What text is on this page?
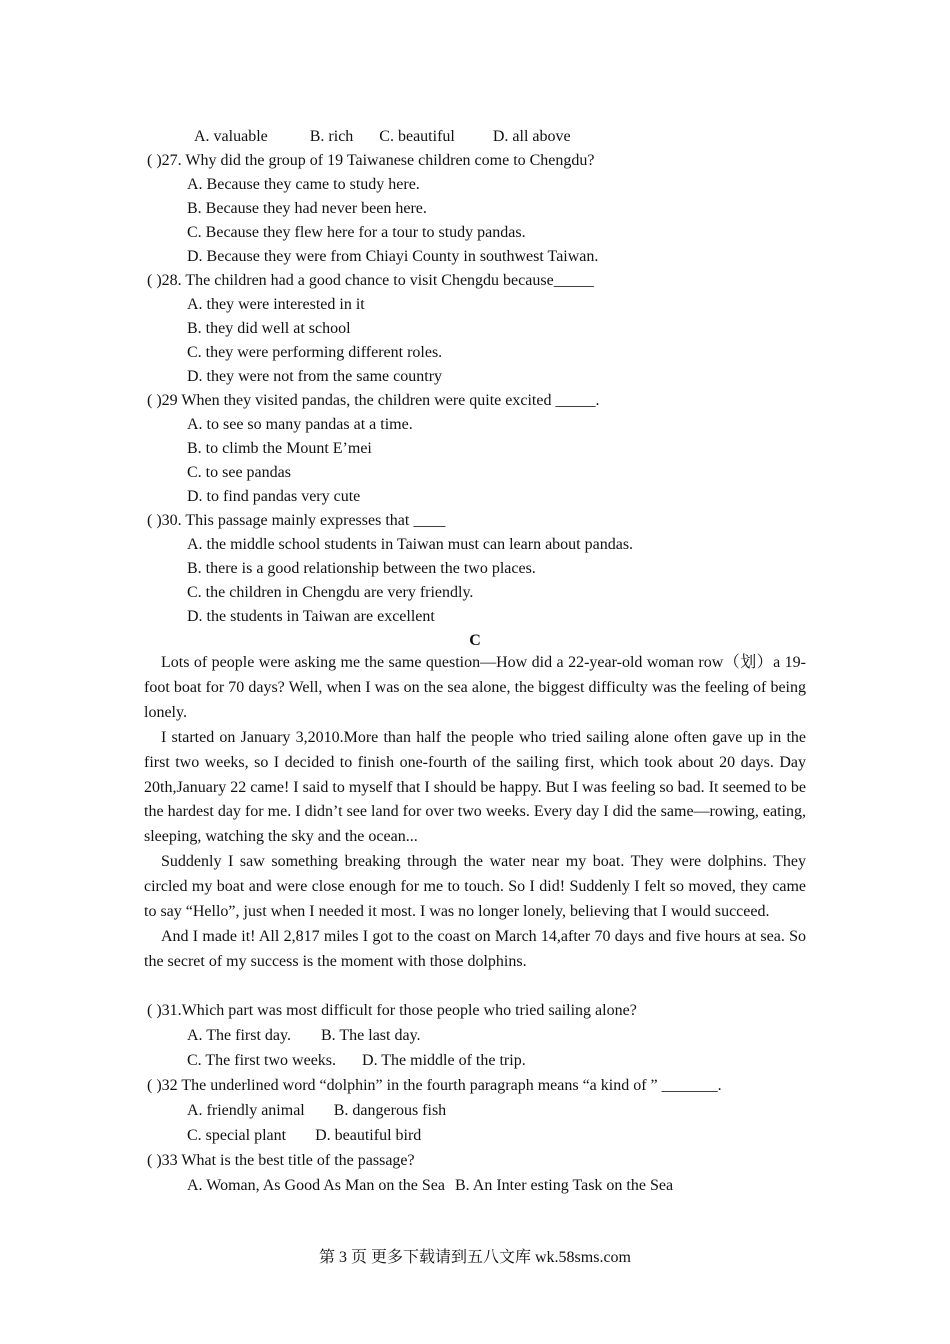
A. valuable	B. rich C. beautiful D. all above
( )27. Why did the group of 19 Taiwanese children come to Chengdu?
A. Because they came to study here.
B. Because they had never been here.
C. Because they flew here for a tour to study pandas.
D. Because they were from Chiayi County in southwest Taiwan.
( )28. The children had a good chance to visit Chengdu because_____
A. they were interested in it
B. they did well at school
C. they were performing different roles.
D. they were not from the same country
( )29 When they visited pandas, the children were quite excited _____.
A. to see so many pandas at a time.
B. to climb the Mount E’mei
C. to see pandas
D. to find pandas very cute
( )30. This passage mainly expresses that ____
A. the middle school students in Taiwan must can learn about pandas.
B. there is a good relationship between the two places.
C. the children in Chengdu are very friendly.
D. the students in Taiwan are excellent
C

Lots of people were asking me the same question—How did a 22-year-old woman row（划）a 19-foot boat for 70 days? Well, when I was on the sea alone, the biggest difficulty was the feeling of being lonely.

I started on January 3,2010.More than half the people who tried sailing alone often gave up in the first two weeks, so I decided to finish one-fourth of the sailing first, which took about 20 days. Day 20th,January 22 came! I said to myself that I should be happy. But I was feeling so bad. It seemed to be the hardest day for me. I didn’t see land for over two weeks. Every day I did the same—rowing, eating, sleeping, watching the sky and the ocean...

Suddenly I saw something breaking through the water near my boat. They were dolphins. They circled my boat and were close enough for me to touch. So I did! Suddenly I felt so moved, they came to say “Hello”, just when I needed it most. I was no longer lonely, believing that I would succeed.

And I made it! All 2,817 miles I got to the coast on March 14,after 70 days and five hours at sea. So the secret of my success is the moment with those dolphins.

( )31.Which part was most difficult for those people who tried sailing alone?
A. The first day. B. The last day.
C. The first two weeks. D. The middle of the trip.
( )32 The underlined word “dolphin” in the fourth paragraph means “a kind of ” _______.
A. friendly animal B. dangerous fish
C. special plant D. beautiful bird
( )33 What is the best title of the passage?
A. Woman, As Good As Man on the Sea B. An Inter esting Task on the Sea
第 3 页 更多下载请到五八文库 wk.58sms.com
